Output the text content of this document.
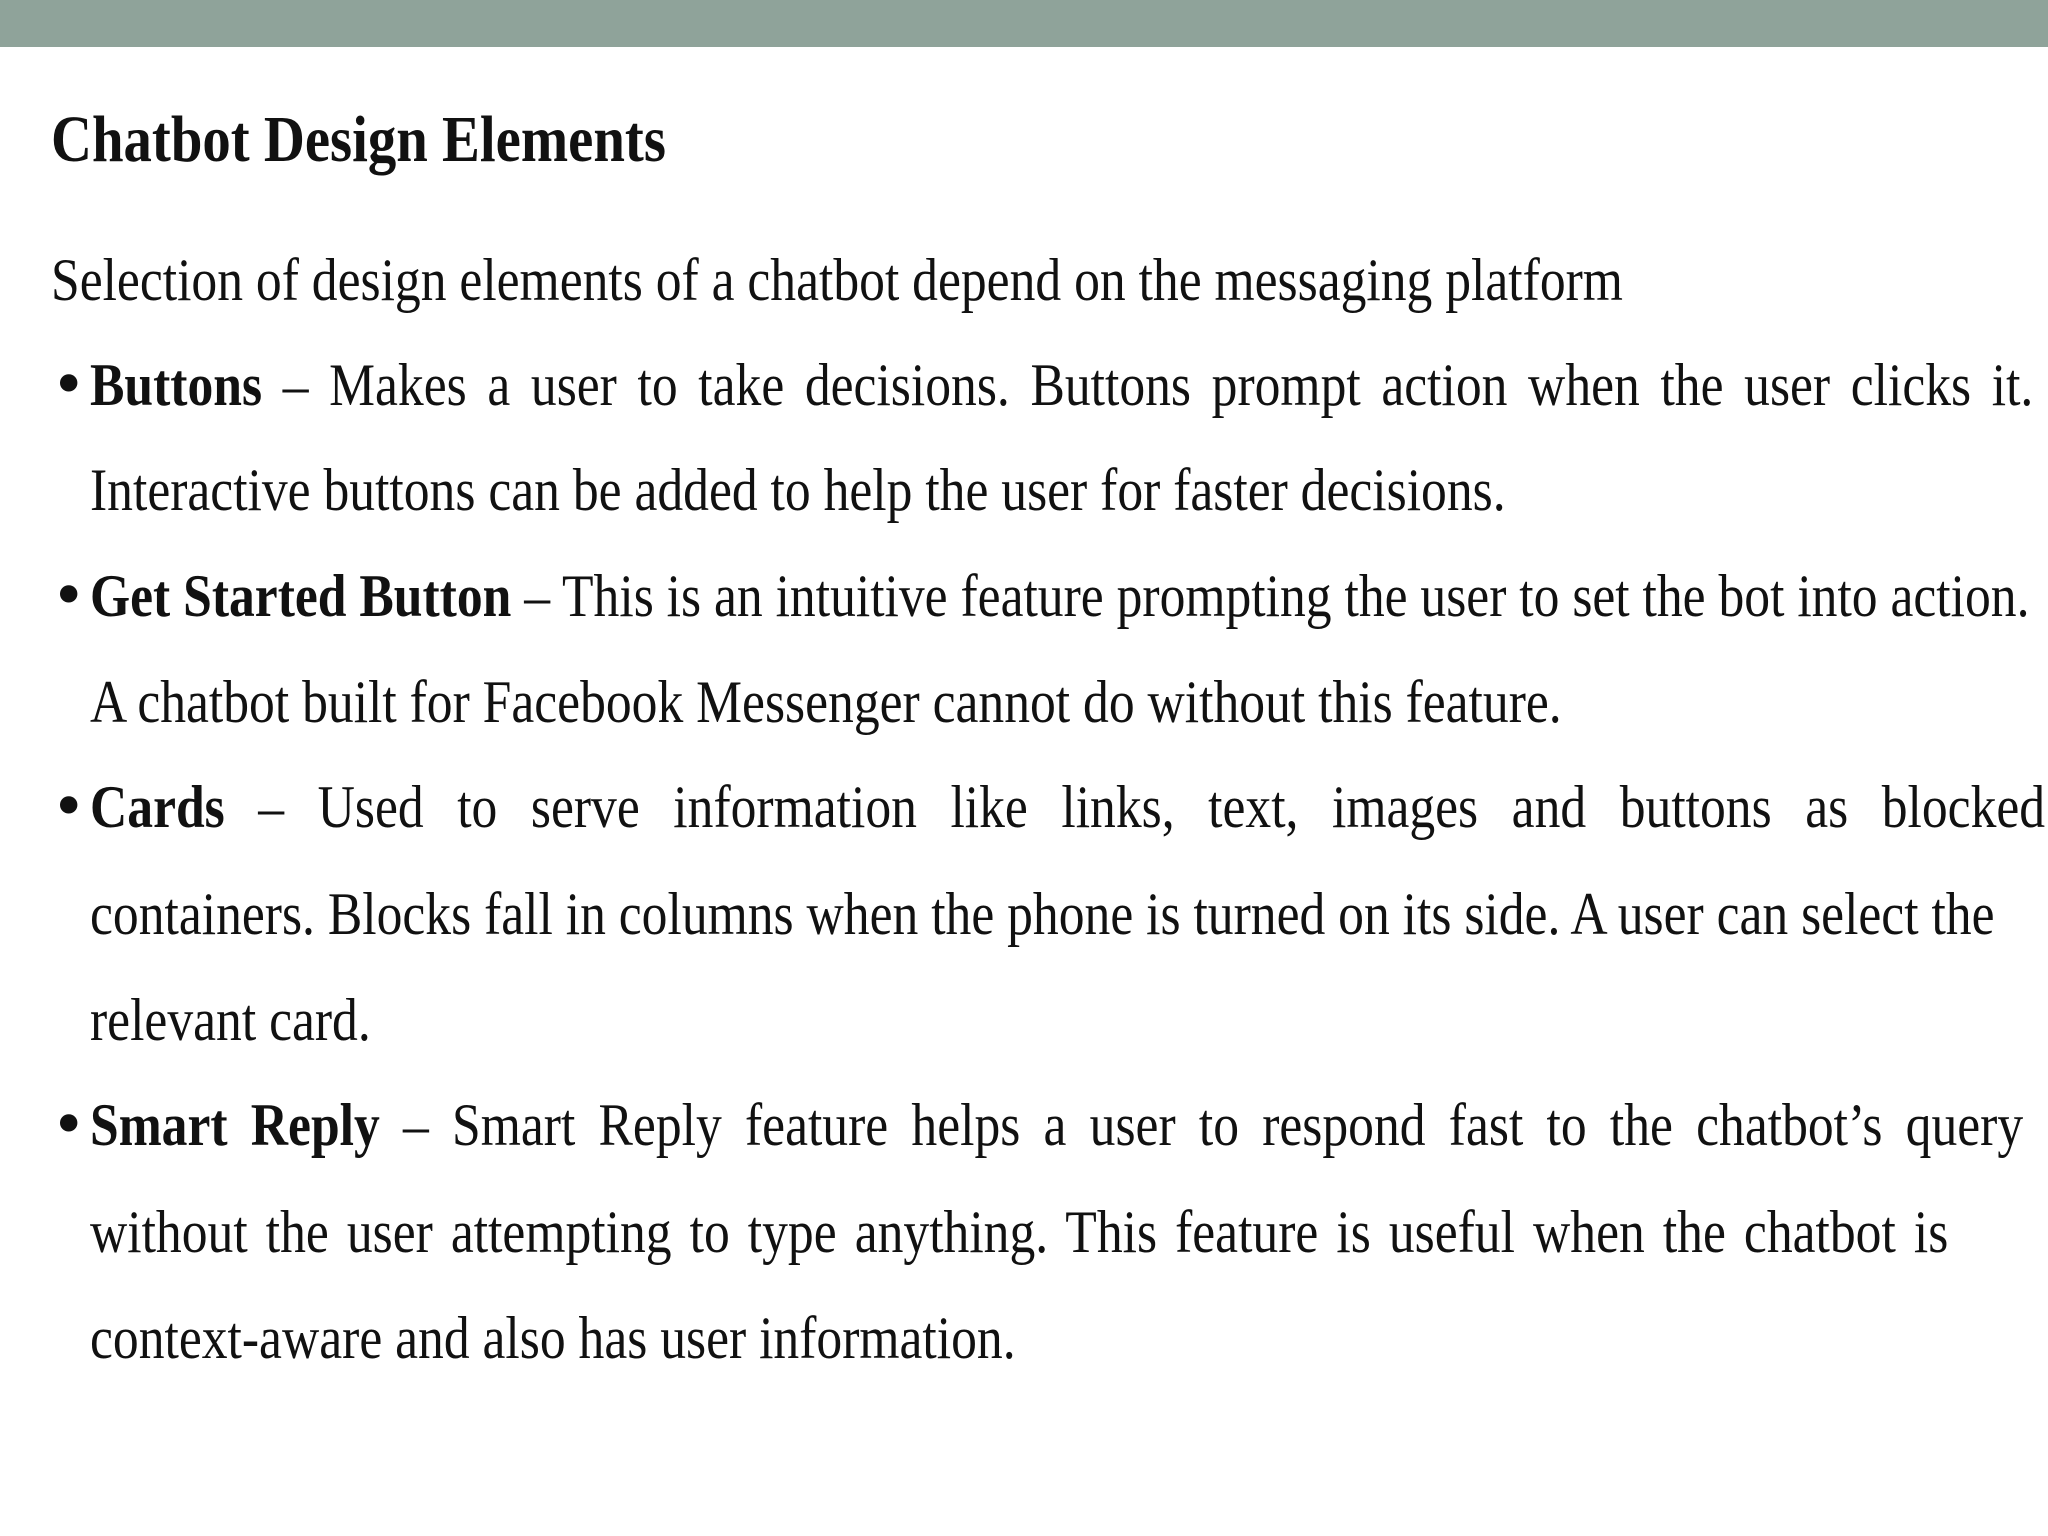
Chatbot Design Elements

Selection of design elements of a chatbot depend on the messaging platform

• Buttons – Makes a user to take decisions. Buttons prompt action when the user clicks it.
Interactive buttons can be added to help the user for faster decisions.
• Get Started Button – This is an intuitive feature prompting the user to set the bot into action.
A chatbot built for Facebook Messenger cannot do without this feature.
• Cards – Used to serve information like links, text, images and buttons as blocked
containers. Blocks fall in columns when the phone is turned on its side. A user can select the
relevant card.
• Smart Reply – Smart Reply feature helps a user to respond fast to the chatbot’s query
without the user attempting to type anything. This feature is useful when the chatbot is
context-aware and also has user information.
